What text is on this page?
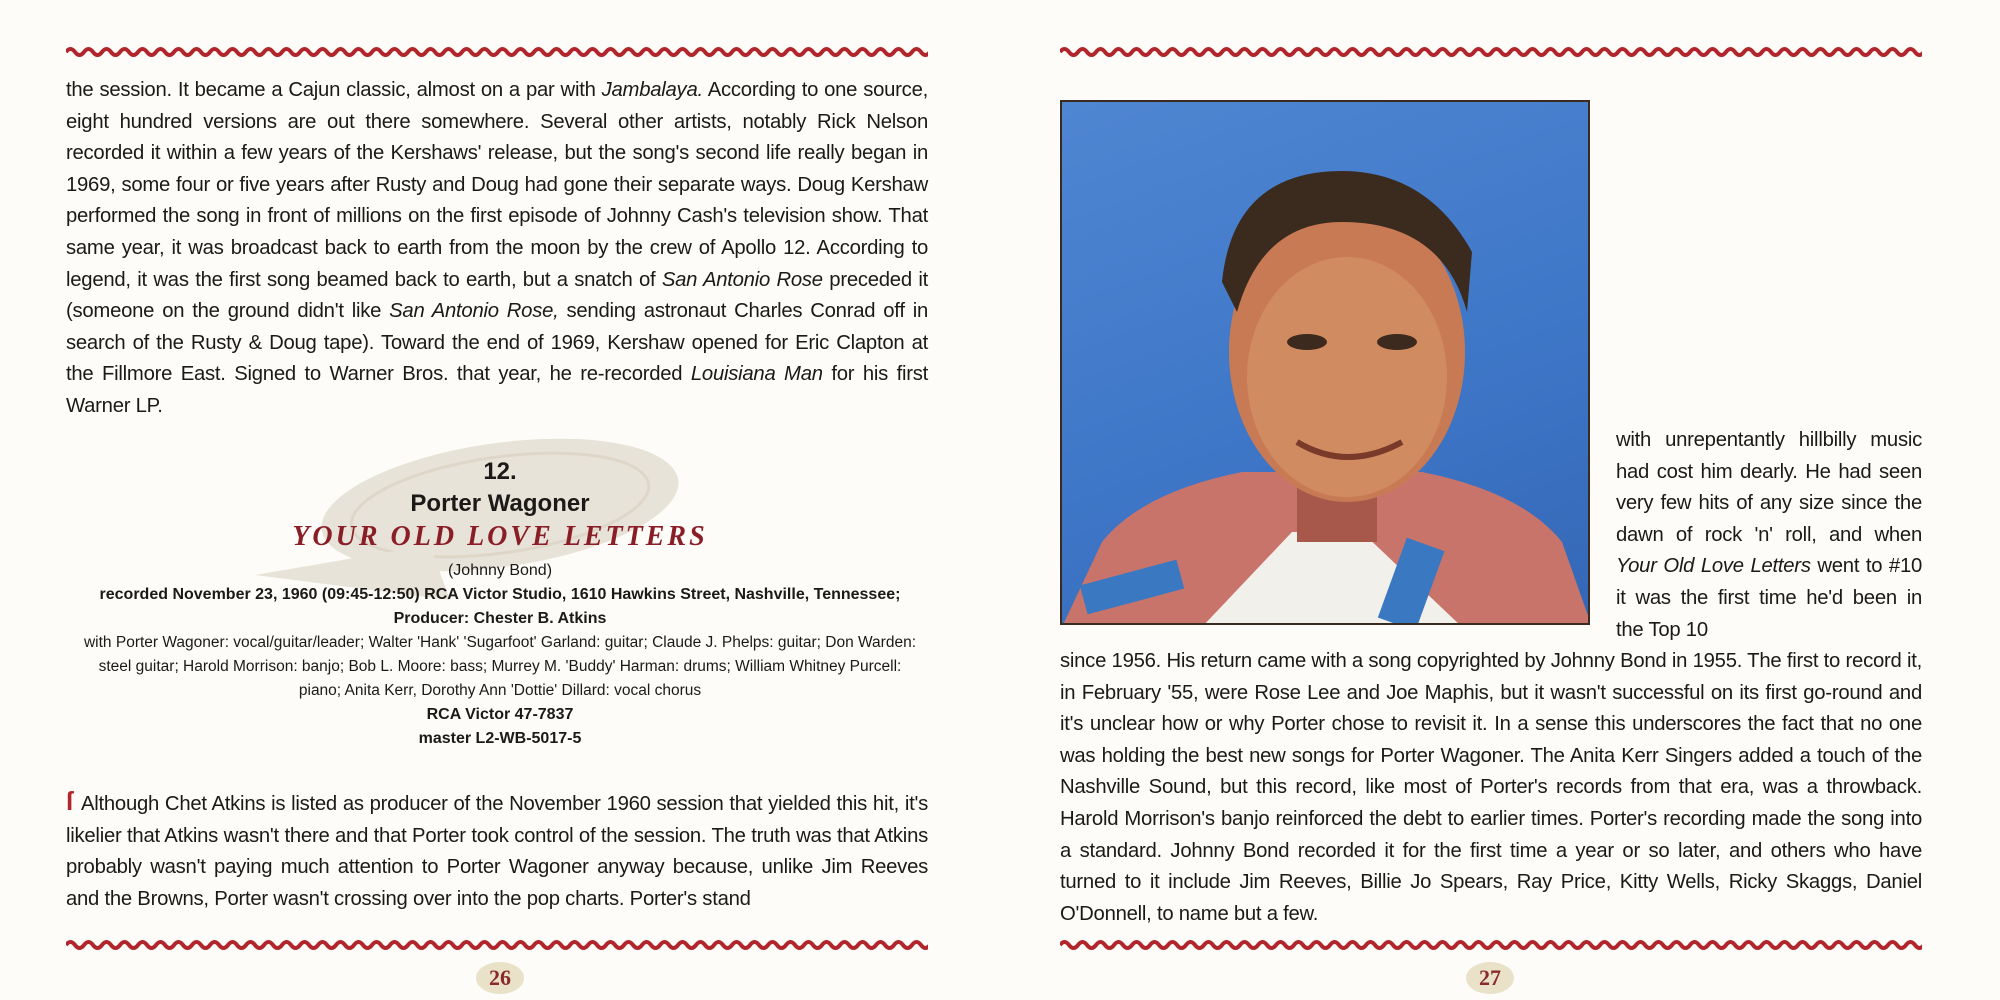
the session. It became a Cajun classic, almost on a par with Jambalaya. According to one source, eight hundred versions are out there somewhere. Several other artists, notably Rick Nelson recorded it within a few years of the Kershaws' release, but the song's second life really began in 1969, some four or five years after Rusty and Doug had gone their separate ways. Doug Kershaw performed the song in front of millions on the first episode of Johnny Cash's television show. That same year, it was broadcast back to earth from the moon by the crew of Apollo 12. According to legend, it was the first song beamed back to earth, but a snatch of San Antonio Rose preceded it (someone on the ground didn't like San Antonio Rose, sending astronaut Charles Conrad off in search of the Rusty & Doug tape). Toward the end of 1969, Kershaw opened for Eric Clapton at the Fillmore East. Signed to Warner Bros. that year, he re-recorded Louisiana Man for his first Warner LP.

12.
Porter Wagoner
YOUR OLD LOVE LETTERS
(Johnny Bond)
recorded November 23, 1960 (09:45-12:50) RCA Victor Studio, 1610 Hawkins Street, Nashville, Tennessee;
Producer: Chester B. Atkins
with Porter Wagoner: vocal/guitar/leader; Walter 'Hank' 'Sugarfoot' Garland: guitar; Claude J. Phelps: guitar; Don Warden: steel guitar; Harold Morrison: banjo; Bob L. Moore: bass; Murrey M. 'Buddy' Harman: drums; William Whitney Purcell: piano; Anita Kerr, Dorothy Ann 'Dottie' Dillard: vocal chorus
RCA Victor 47-7837
master L2-WB-5017-5

ſ Although Chet Atkins is listed as producer of the November 1960 session that yielded this hit, it's likelier that Atkins wasn't there and that Porter took control of the session. The truth was that Atkins probably wasn't paying much attention to Porter Wagoner anyway because, unlike Jim Reeves and the Browns, Porter wasn't crossing over into the pop charts. Porter's stand

26

with unrepentantly hillbilly music had cost him dearly. He had seen very few hits of any size since the dawn of rock 'n' roll, and when Your Old Love Letters went to #10 it was the first time he'd been in the Top 10

since 1956. His return came with a song copyrighted by Johnny Bond in 1955. The first to record it, in February '55, were Rose Lee and Joe Maphis, but it wasn't successful on its first go-round and it's unclear how or why Porter chose to revisit it. In a sense this underscores the fact that no one was holding the best new songs for Porter Wagoner. The Anita Kerr Singers added a touch of the Nashville Sound, but this record, like most of Porter's records from that era, was a throwback. Harold Morrison's banjo reinforced the debt to earlier times. Porter's recording made the song into a standard. Johnny Bond recorded it for the first time a year or so later, and others who have turned to it include Jim Reeves, Billie Jo Spears, Ray Price, Kitty Wells, Ricky Skaggs, Daniel O'Donnell, to name but a few.

27
